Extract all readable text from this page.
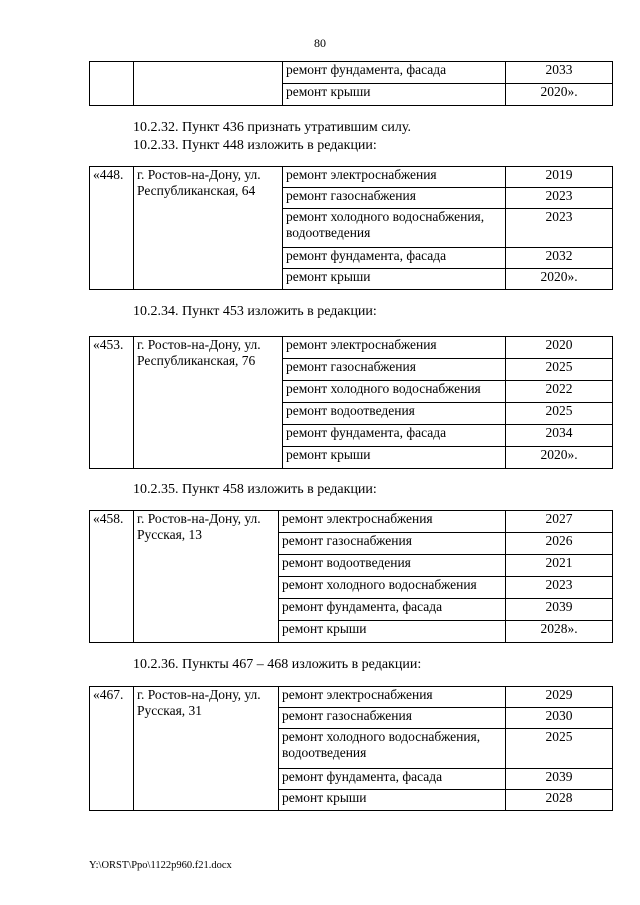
80
		ремонт фундамента, фасада	2033
		ремонт крыши	2020».
10.2.32. Пункт 436 признать утратившим силу.
10.2.33. Пункт 448 изложить в редакции:
«448.	г. Ростов-на-Дону, ул. Республиканская, 64	ремонт электроснабжения	2019
		ремонт газоснабжения	2023
		ремонт холодного водоснабжения, водоотведения	2023
		ремонт фундамента, фасада	2032
		ремонт крыши	2020».
10.2.34. Пункт 453 изложить в редакции:
«453.	г. Ростов-на-Дону, ул. Республиканская, 76	ремонт электроснабжения	2020
		ремонт газоснабжения	2025
		ремонт холодного водоснабжения	2022
		ремонт водоотведения	2025
		ремонт фундамента, фасада	2034
		ремонт крыши	2020».
10.2.35. Пункт 458 изложить в редакции:
«458.	г. Ростов-на-Дону, ул. Русская, 13	ремонт электроснабжения	2027
		ремонт газоснабжения	2026
		ремонт водоотведения	2021
		ремонт холодного водоснабжения	2023
		ремонт фундамента, фасада	2039
		ремонт крыши	2028».
10.2.36. Пункты 467 – 468 изложить в редакции:
«467.	г. Ростов-на-Дону, ул. Русская, 31	ремонт электроснабжения	2029
		ремонт газоснабжения	2030
		ремонт холодного водоснабжения, водоотведения	2025
		ремонт фундамента, фасада	2039
		ремонт крыши	2028
Y:\ORST\Ppo\1122p960.f21.docx
